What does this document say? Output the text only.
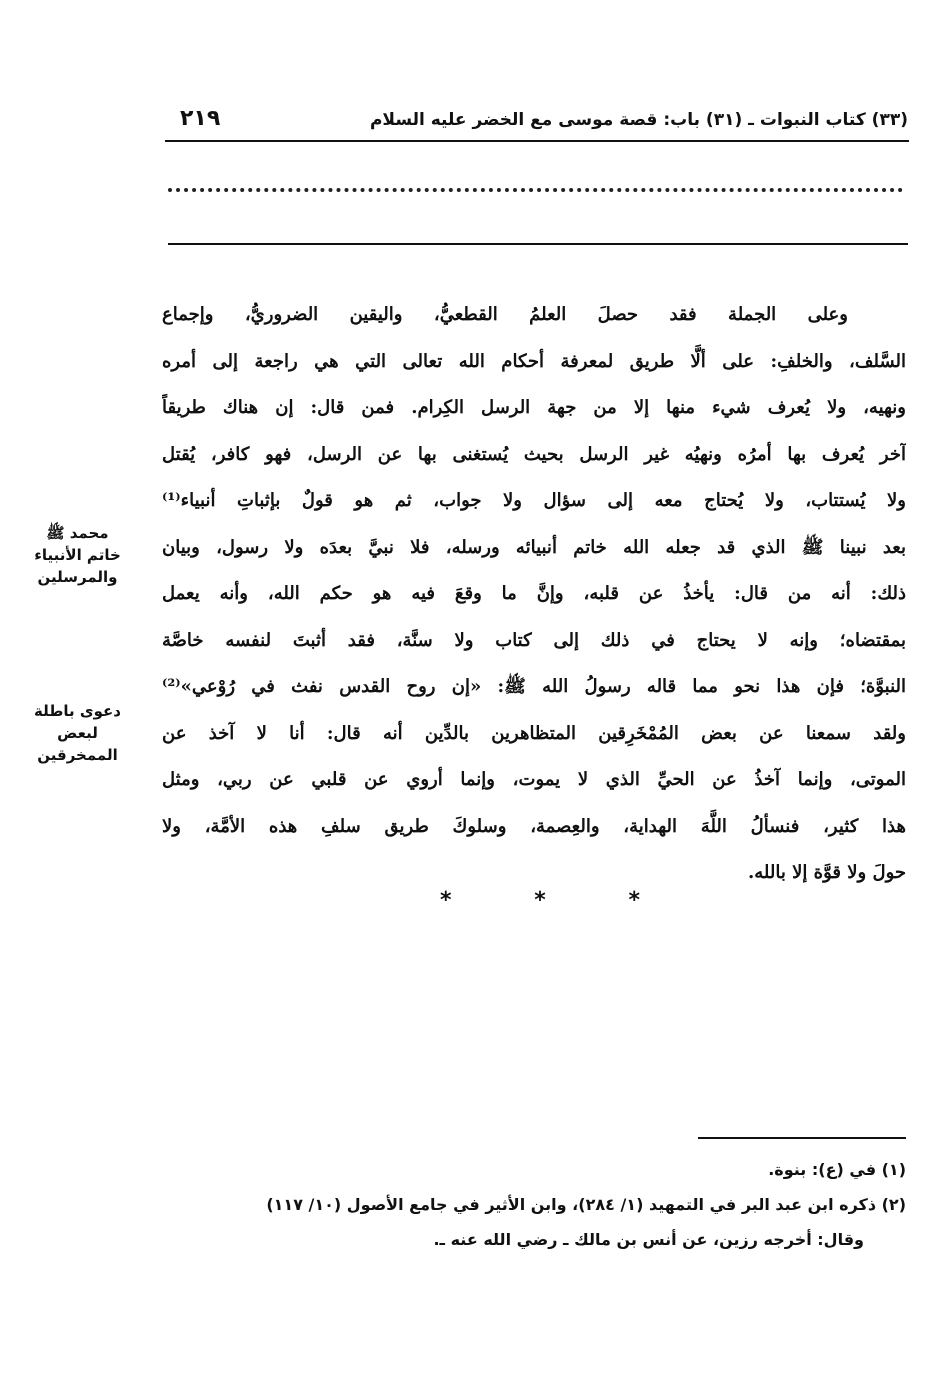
(٣٣) كتاب النبوات ـ (٣١) باب: قصة موسى مع الخضر عليه السلام
٢١٩
وعلى الجملة فقد حصلَ العلمُ القطعيُّ، واليقين الضروريُّ، وإجماع
السَّلف، والخلفِ: على ألَّا طريق لمعرفة أحكام الله تعالى التي هي راجعة إلى أمره
ونهيه، ولا يُعرف شيء منها إلا من جهة الرسل الكِرام. فمن قال: إن هناك طريقاً
آخر يُعرف بها أمرُه ونهيُه غير الرسل بحيث يُستغنى بها عن الرسل، فهو كافر، يُقتل
ولا يُستتاب، ولا يُحتاج معه إلى سؤال ولا جواب، ثم هو قولٌ بإثباتِ أنبياء⁽¹⁾
بعد نبينا ﷺ الذي قد جعله الله خاتم أنبيائه ورسله، فلا نبيَّ بعدَه ولا رسول، وبيان
ذلك: أنه من قال: يأخذُ عن قلبه، وإنَّ ما وقعَ فيه هو حكم الله، وأنه يعمل
بمقتضاه؛ وإنه لا يحتاج في ذلك إلى كتاب ولا سنَّة، فقد أثبتَ لنفسه خاصَّة
النبوَّة؛ فإن هذا نحو مما قاله رسولُ الله ﷺ: «إن روح القدس نفث في رُوْعي»⁽²⁾
ولقد سمعنا عن بعض المُمْخَرِقين المتظاهرين بالدِّين أنه قال: أنا لا آخذ عن
الموتى، وإنما آخذُ عن الحيِّ الذي لا يموت، وإنما أروي عن قلبي عن ربي، ومثل
هذا كثير، فنسألُ اللَّهَ الهداية، والعِصمة، وسلوكَ طريق سلفِ هذه الأمَّة، ولا
حولَ ولا قوَّة إلا بالله.
محمد ﷺ
خاتم الأنبياء
والمرسلين
دعوى باطلة
لبعض
الممخرقين
*	*	*
(١) في (ع): بنوة.
(٢) ذكره ابن عبد البر في التمهيد (١/ ٢٨٤)، وابن الأثير في جامع الأصول (١٠/ ١١٧)
وقال: أخرجه رزين، عن أنس بن مالك ـ رضي الله عنه ـ.
